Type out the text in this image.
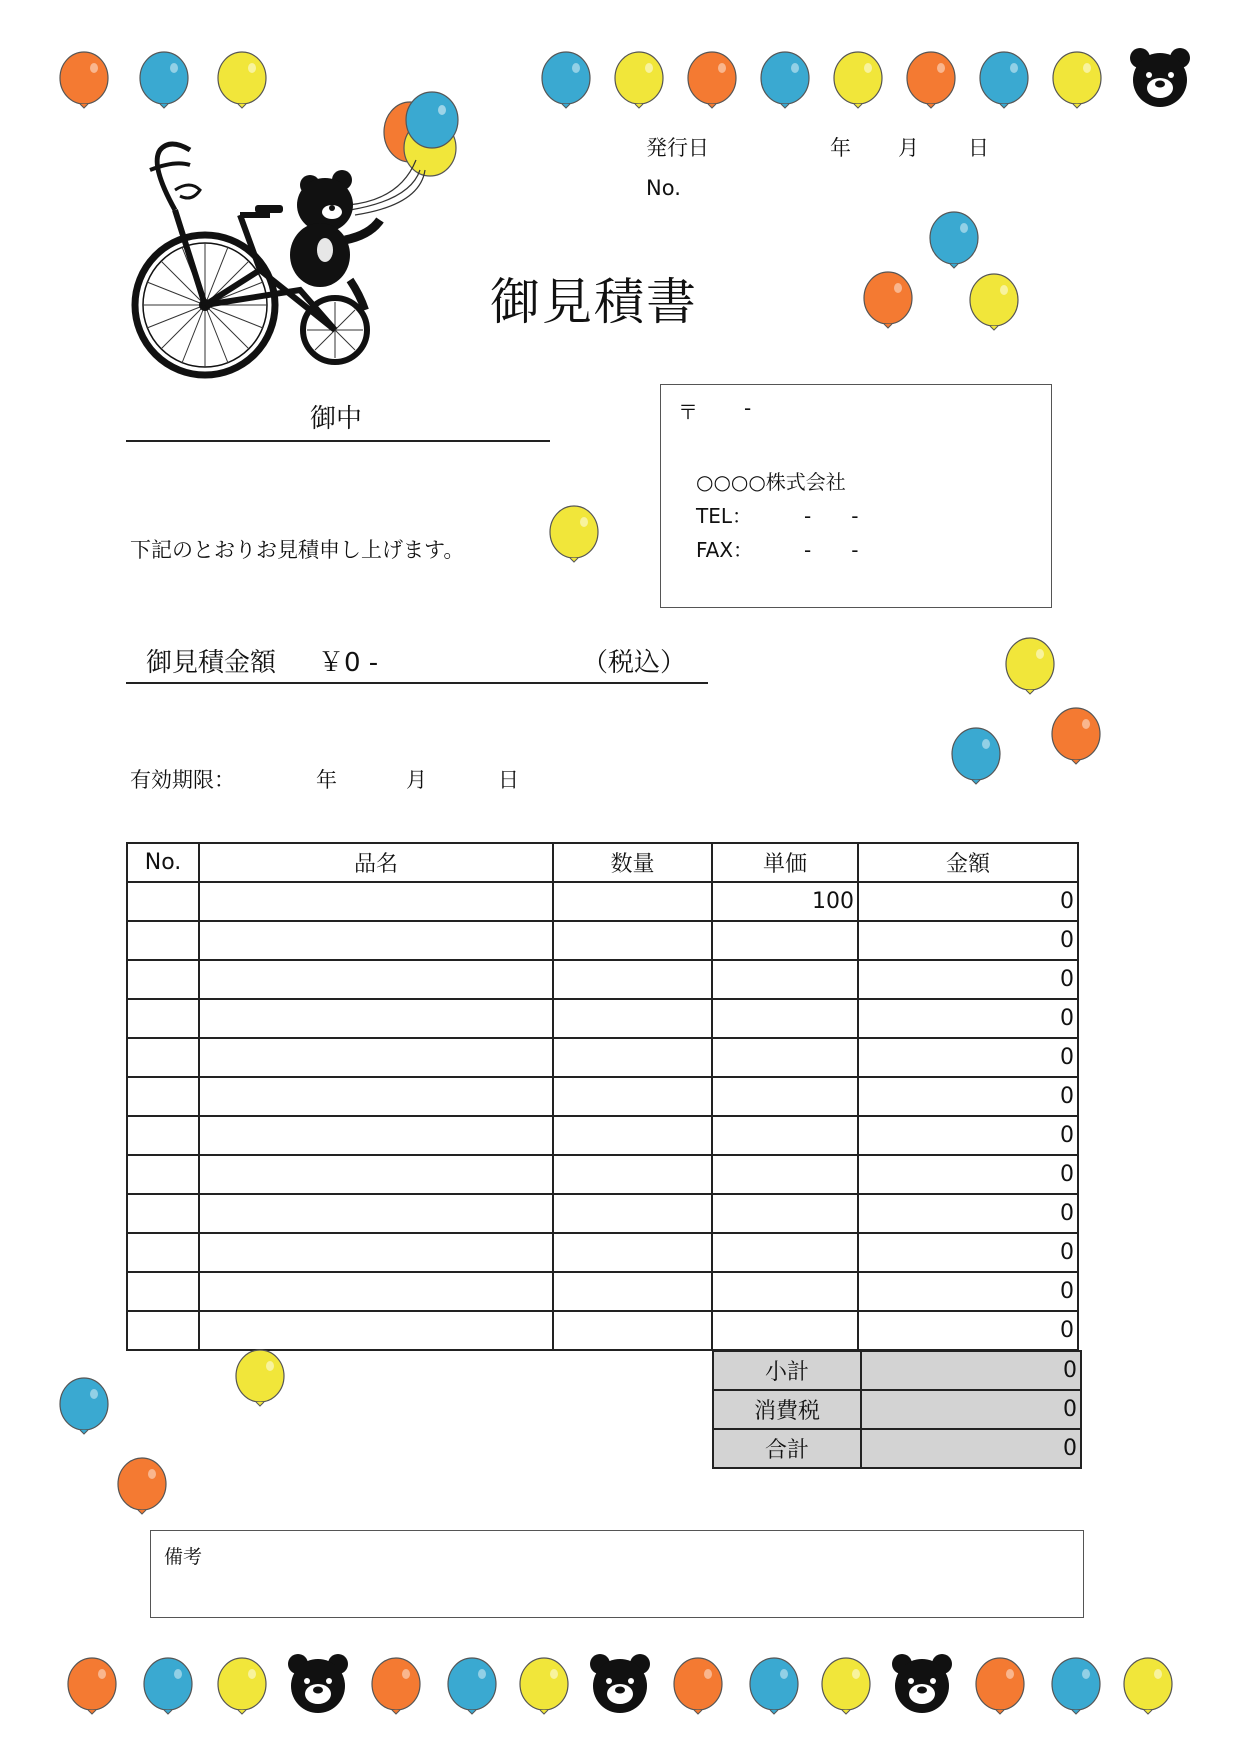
発行日	年 月 日
No.
御見積書
御中
下記のとおりお見積申し上げます。
〒 -
○○○○株式会社
TEL：	-　　-
FAX：	-　　-
御見積金額 ￥0 -	（税込）
有効期限：	年	月	日
No.	品名	数量	単価	金額
			100	0
				0
				0
				0
				0
				0
				0
				0
				0
				0
				0
				0
小計	0
消費税	0
合計	0
備考
